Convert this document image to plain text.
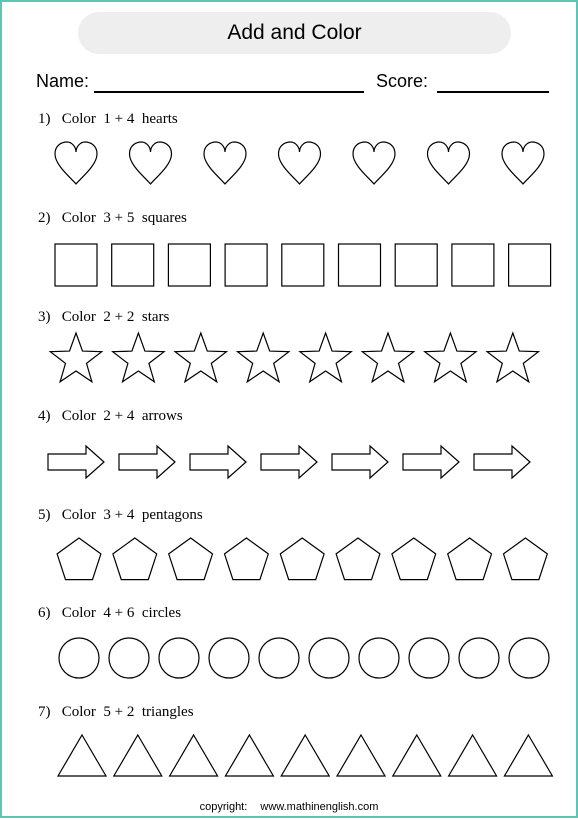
Add and Color
Name:	Score:
1) Color 1 + 4 hearts
2) Color 3 + 5 squares
3) Color 2 + 2 stars
4) Color 2 + 4 arrows
5) Color 3 + 4 pentagons
6) Color 4 + 6 circles
7) Color 5 + 2 triangles
copyright: www.mathinenglish.com
